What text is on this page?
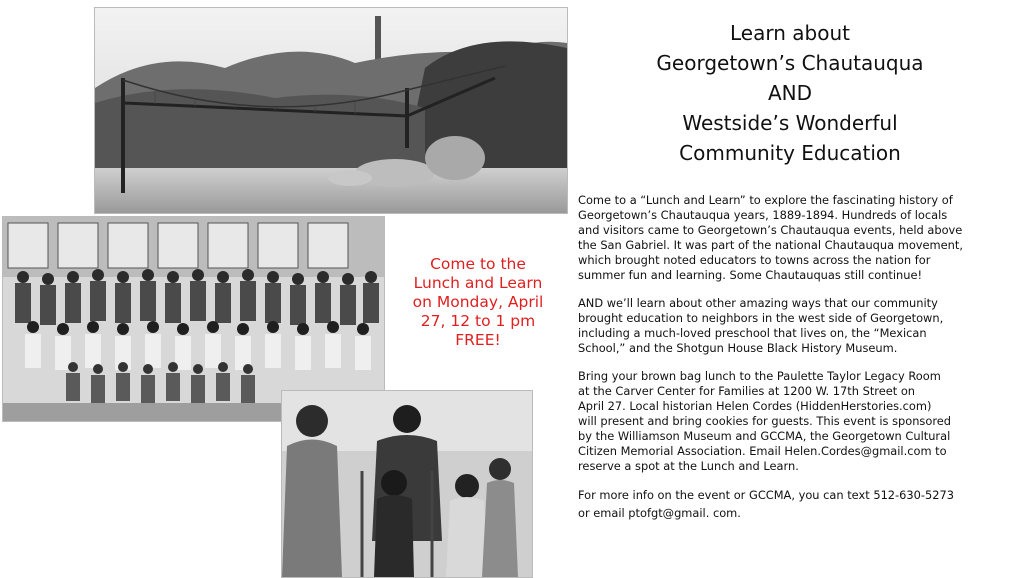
Come to the
Lunch and Learn
on Monday, April
27, 12 to 1 pm
FREE!
Learn about
Georgetown’s Chautauqua
AND
Westside’s Wonderful
Community Education
Come to a “Lunch and Learn” to explore the fascinating history of
Georgetown’s Chautauqua years, 1889-1894. Hundreds of locals
and visitors came to Georgetown’s Chautauqua events, held above
the San Gabriel. It was part of the national Chautauqua movement,
which brought noted educators to towns across the nation for
summer fun and learning. Some Chautauquas still continue!
AND we’ll learn about other amazing ways that our community
brought education to neighbors in the west side of Georgetown,
including a much-loved preschool that lives on, the “Mexican
School,” and the Shotgun House Black History Museum.
Bring your brown bag lunch to the Paulette Taylor Legacy Room
at the Carver Center for Families at 1200 W. 17th Street on
April 27. Local historian Helen Cordes (HiddenHerstories.com)
will present and bring cookies for guests. This event is sponsored
by the Williamson Museum and GCCMA, the Georgetown Cultural
Citizen Memorial Association. Email Helen.Cordes@gmail.com to
reserve a spot at the Lunch and Learn.
For more info on the event or GCCMA, you can text 512-630-5273
or email ptofgt@gmail. com.
